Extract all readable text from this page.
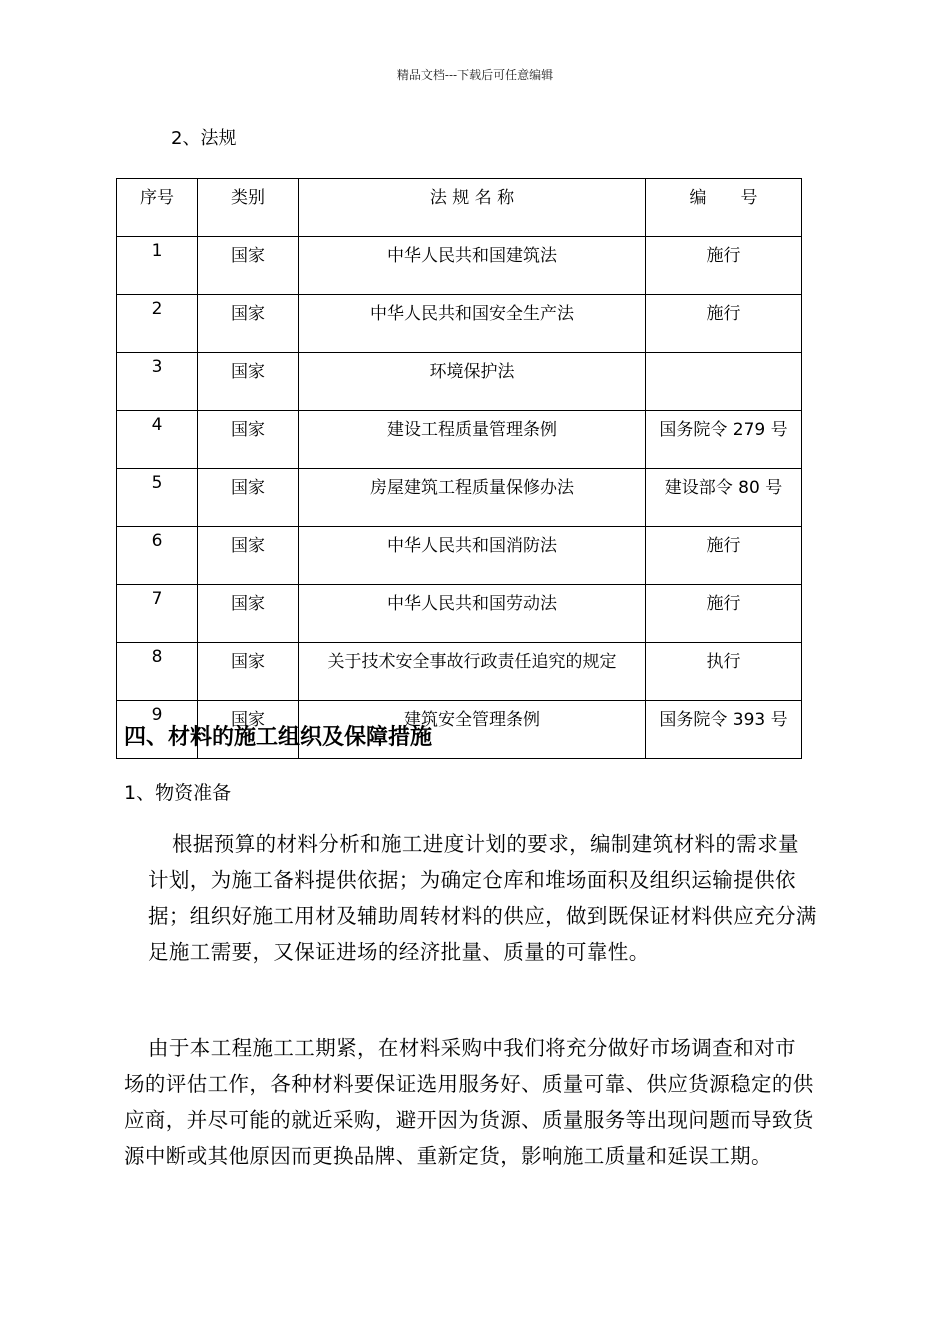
精品文档---下载后可任意编辑
2、法规
序号	类别	法 规 名 称	编　　号
1	国家	中华人民共和国建筑法	施行
2	国家	中华人民共和国安全生产法	施行
3	国家	环境保护法	
4	国家	建设工程质量管理条例	国务院令 279 号
5	国家	房屋建筑工程质量保修办法	建设部令 80 号
6	国家	中华人民共和国消防法	施行
7	国家	中华人民共和国劳动法	施行
8	国家	关于技术安全事故行政责任追究的规定	执行
9	国家	建筑安全管理条例	国务院令 393 号
四、材料的施工组织及保障措施
1、物资准备
根据预算的材料分析和施工进度计划的要求，编制建筑材料的需求量计划，为施工备料提供依据；为确定仓库和堆场面积及组织运输提供依据；组织好施工用材及辅助周转材料的供应，做到既保证材料供应充分满足施工需要，又保证进场的经济批量、质量的可靠性。
由于本工程施工工期紧，在材料采购中我们将充分做好市场调查和对市场的评估工作，各种材料要保证选用服务好、质量可靠、供应货源稳定的供应商，并尽可能的就近采购，避开因为货源、质量服务等出现问题而导致货源中断或其他原因而更换品牌、重新定货，影响施工质量和延误工期。
